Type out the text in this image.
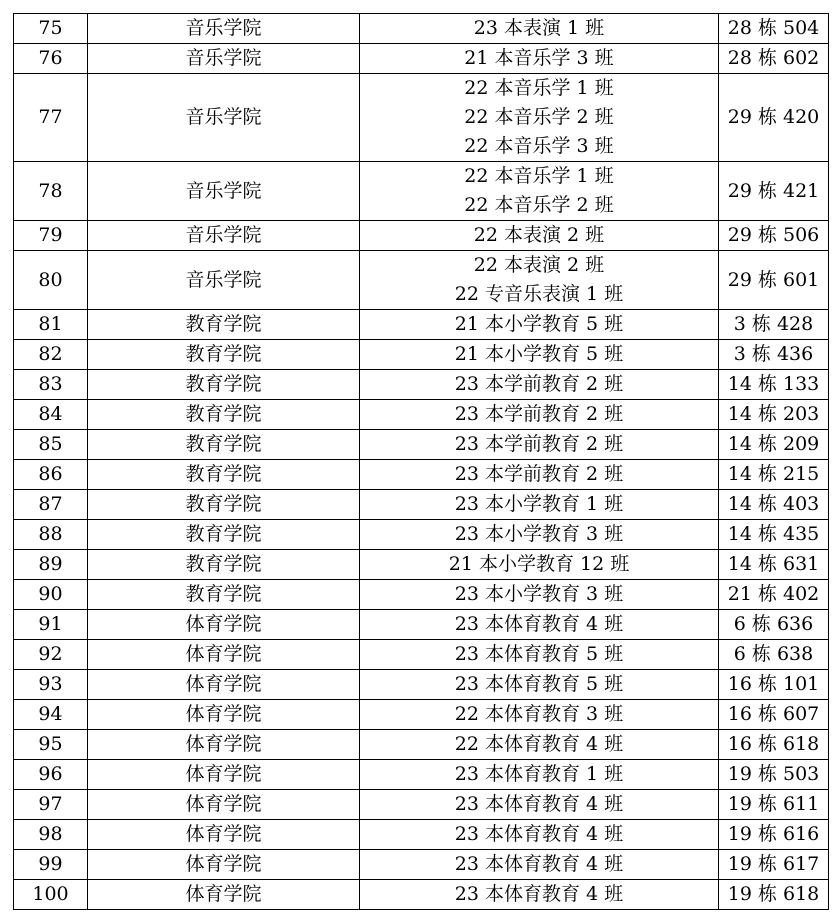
75	音乐学院	23 本表演 1 班	28 栋 504
76	音乐学院	21 本音乐学 3 班	28 栋 602
77	音乐学院	22 本音乐学 1 班
22 本音乐学 2 班
22 本音乐学 3 班	29 栋 420
78	音乐学院	22 本音乐学 1 班
22 本音乐学 2 班	29 栋 421
79	音乐学院	22 本表演 2 班	29 栋 506
80	音乐学院	22 本表演 2 班
22 专音乐表演 1 班	29 栋 601
81	教育学院	21 本小学教育 5 班	3 栋 428
82	教育学院	21 本小学教育 5 班	3 栋 436
83	教育学院	23 本学前教育 2 班	14 栋 133
84	教育学院	23 本学前教育 2 班	14 栋 203
85	教育学院	23 本学前教育 2 班	14 栋 209
86	教育学院	23 本学前教育 2 班	14 栋 215
87	教育学院	23 本小学教育 1 班	14 栋 403
88	教育学院	23 本小学教育 3 班	14 栋 435
89	教育学院	21 本小学教育 12 班	14 栋 631
90	教育学院	23 本小学教育 3 班	21 栋 402
91	体育学院	23 本体育教育 4 班	6 栋 636
92	体育学院	23 本体育教育 5 班	6 栋 638
93	体育学院	23 本体育教育 5 班	16 栋 101
94	体育学院	22 本体育教育 3 班	16 栋 607
95	体育学院	22 本体育教育 4 班	16 栋 618
96	体育学院	23 本体育教育 1 班	19 栋 503
97	体育学院	23 本体育教育 4 班	19 栋 611
98	体育学院	23 本体育教育 4 班	19 栋 616
99	体育学院	23 本体育教育 4 班	19 栋 617
100	体育学院	23 本体育教育 4 班	19 栋 618
